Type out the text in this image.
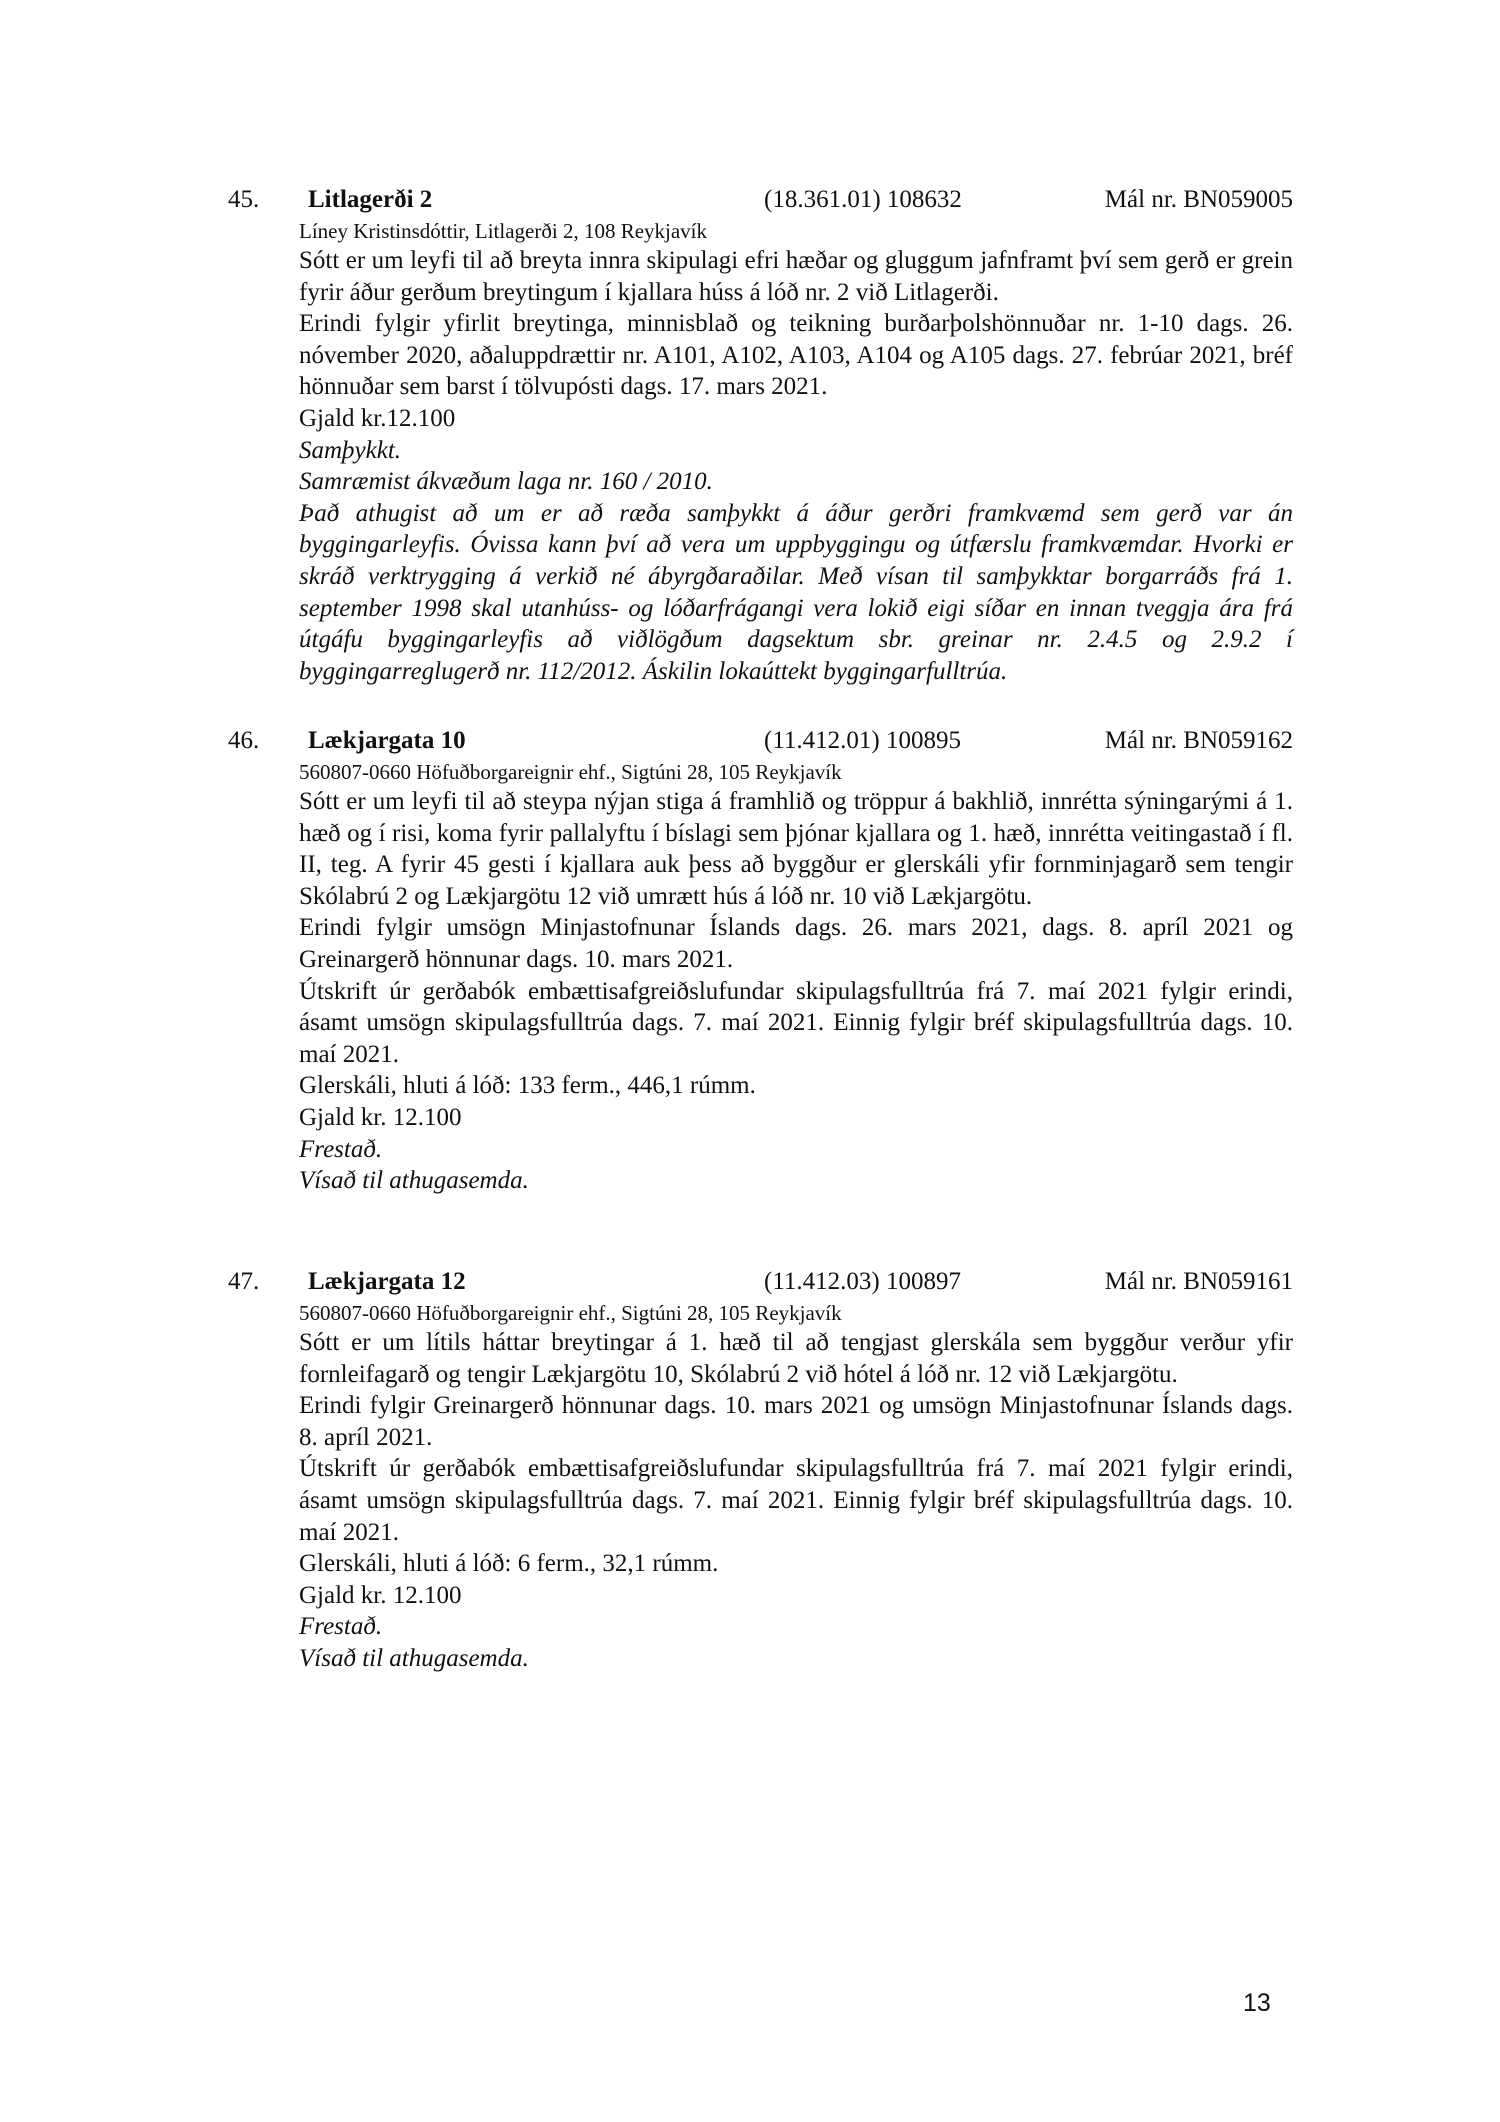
45. Litlagerði 2	(18.361.01) 108632	Mál nr. BN059005
Líney Kristinsdóttir, Litlagerði 2, 108 Reykjavík

Sótt er um leyfi til að breyta innra skipulagi efri hæðar og gluggum jafnframt því sem gerð er grein fyrir áður gerðum breytingum í kjallara húss á lóð nr. 2 við Litlagerði.

Erindi fylgir yfirlit breytinga, minnisblað og teikning burðarþolshönnuðar nr. 1-10 dags. 26. nóvember 2020, aðaluppdrættir nr. A101, A102, A103, A104 og A105 dags. 27. febrúar 2021, bréf hönnuðar sem barst í tölvupósti dags. 17. mars 2021.

Gjald kr.12.100

Samþykkt.

Samræmist ákvæðum laga nr. 160 / 2010.

Það athugist að um er að ræða samþykkt á áður gerðri framkvæmd sem gerð var án byggingarleyfis. Óvissa kann því að vera um uppbyggingu og útfærslu framkvæmdar. Hvorki er skráð verktrygging á verkið né ábyrgðaraðilar. Með vísan til samþykktar borgarráðs frá 1. september 1998 skal utanhúss- og lóðarfrágangi vera lokið eigi síðar en innan tveggja ára frá útgáfu byggingarleyfis að viðlögðum dagsektum sbr. greinar nr. 2.4.5 og 2.9.2 í byggingarreglugerð nr. 112/2012. Áskilin lokaúttekt byggingarfulltrúa.

46. Lækjargata 10	(11.412.01) 100895	Mál nr. BN059162
560807-0660 Höfuðborgareignir ehf., Sigtúni 28, 105 Reykjavík

Sótt er um leyfi til að steypa nýjan stiga á framhlið og tröppur á bakhlið, innrétta sýningarými á 1. hæð og í risi, koma fyrir pallalyftu í bíslagi sem þjónar kjallara og 1. hæð, innrétta veitingastað í fl. II, teg. A fyrir 45 gesti í kjallara auk þess að byggður er glerskáli yfir fornminjagarð sem tengir Skólabrú 2 og Lækjargötu 12 við umrætt hús á lóð nr. 10 við Lækjargötu.

Erindi fylgir umsögn Minjastofnunar Íslands dags. 26. mars 2021, dags. 8. apríl 2021 og Greinargerð hönnunar dags. 10. mars 2021.

Útskrift úr gerðabók embættisafgreiðslufundar skipulagsfulltrúa frá 7. maí 2021 fylgir erindi, ásamt umsögn skipulagsfulltrúa dags. 7. maí 2021. Einnig fylgir bréf skipulagsfulltrúa dags. 10. maí 2021.

Glerskáli, hluti á lóð: 133 ferm., 446,1 rúmm.

Gjald kr. 12.100

Frestað.

Vísað til athugasemda.

47. Lækjargata 12	(11.412.03) 100897	Mál nr. BN059161
560807-0660 Höfuðborgareignir ehf., Sigtúni 28, 105 Reykjavík

Sótt er um lítils háttar breytingar á 1. hæð til að tengjast glerskála sem byggður verður yfir fornleifagarð og tengir Lækjargötu 10, Skólabrú 2 við hótel á lóð nr. 12 við Lækjargötu.

Erindi fylgir Greinargerð hönnunar dags. 10. mars 2021 og umsögn Minjastofnunar Íslands dags. 8. apríl 2021.

Útskrift úr gerðabók embættisafgreiðslufundar skipulagsfulltrúa frá 7. maí 2021 fylgir erindi, ásamt umsögn skipulagsfulltrúa dags. 7. maí 2021. Einnig fylgir bréf skipulagsfulltrúa dags. 10. maí 2021.

Glerskáli, hluti á lóð: 6 ferm., 32,1 rúmm.

Gjald kr. 12.100

Frestað.

Vísað til athugasemda.

13
